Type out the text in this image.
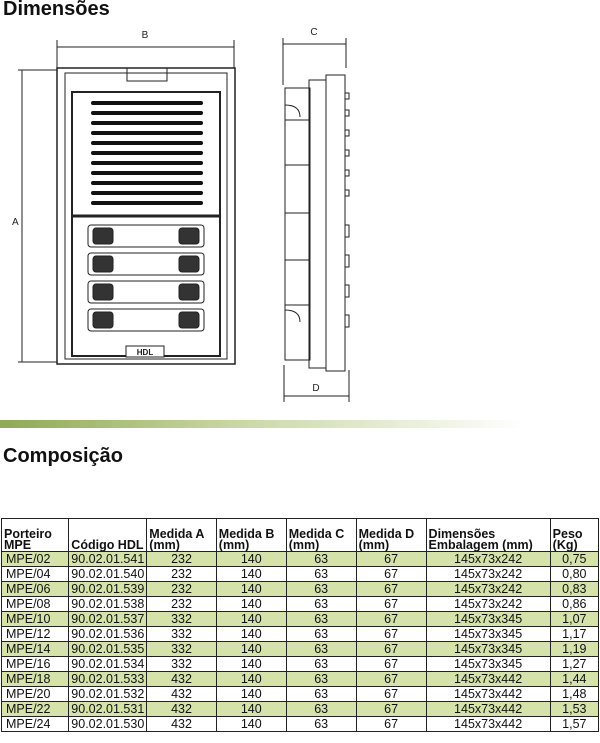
Dimensões
B
A
HDL
C
D
Composição
Porteiro MPE	Código HDL	Medida A (mm)	Medida B (mm)	Medida C (mm)	Medida D (mm)	Dimensões Embalagem (mm)	Peso (Kg)
MPE/02	90.02.01.541	232	140	63	67	145x73x242	0,75
MPE/04	90.02.01.540	232	140	63	67	145x73x242	0,80
MPE/06	90.02.01.539	232	140	63	67	145x73x242	0,83
MPE/08	90.02.01.538	232	140	63	67	145x73x242	0,86
MPE/10	90.02.01.537	332	140	63	67	145x73x345	1,07
MPE/12	90.02.01.536	332	140	63	67	145x73x345	1,17
MPE/14	90.02.01.535	332	140	63	67	145x73x345	1,19
MPE/16	90.02.01.534	332	140	63	67	145x73x345	1,27
MPE/18	90.02.01.533	432	140	63	67	145x73x442	1,44
MPE/20	90.02.01.532	432	140	63	67	145x73x442	1,48
MPE/22	90.02.01.531	432	140	63	67	145x73x442	1,53
MPE/24	90.02.01.530	432	140	63	67	145x73x442	1,57
